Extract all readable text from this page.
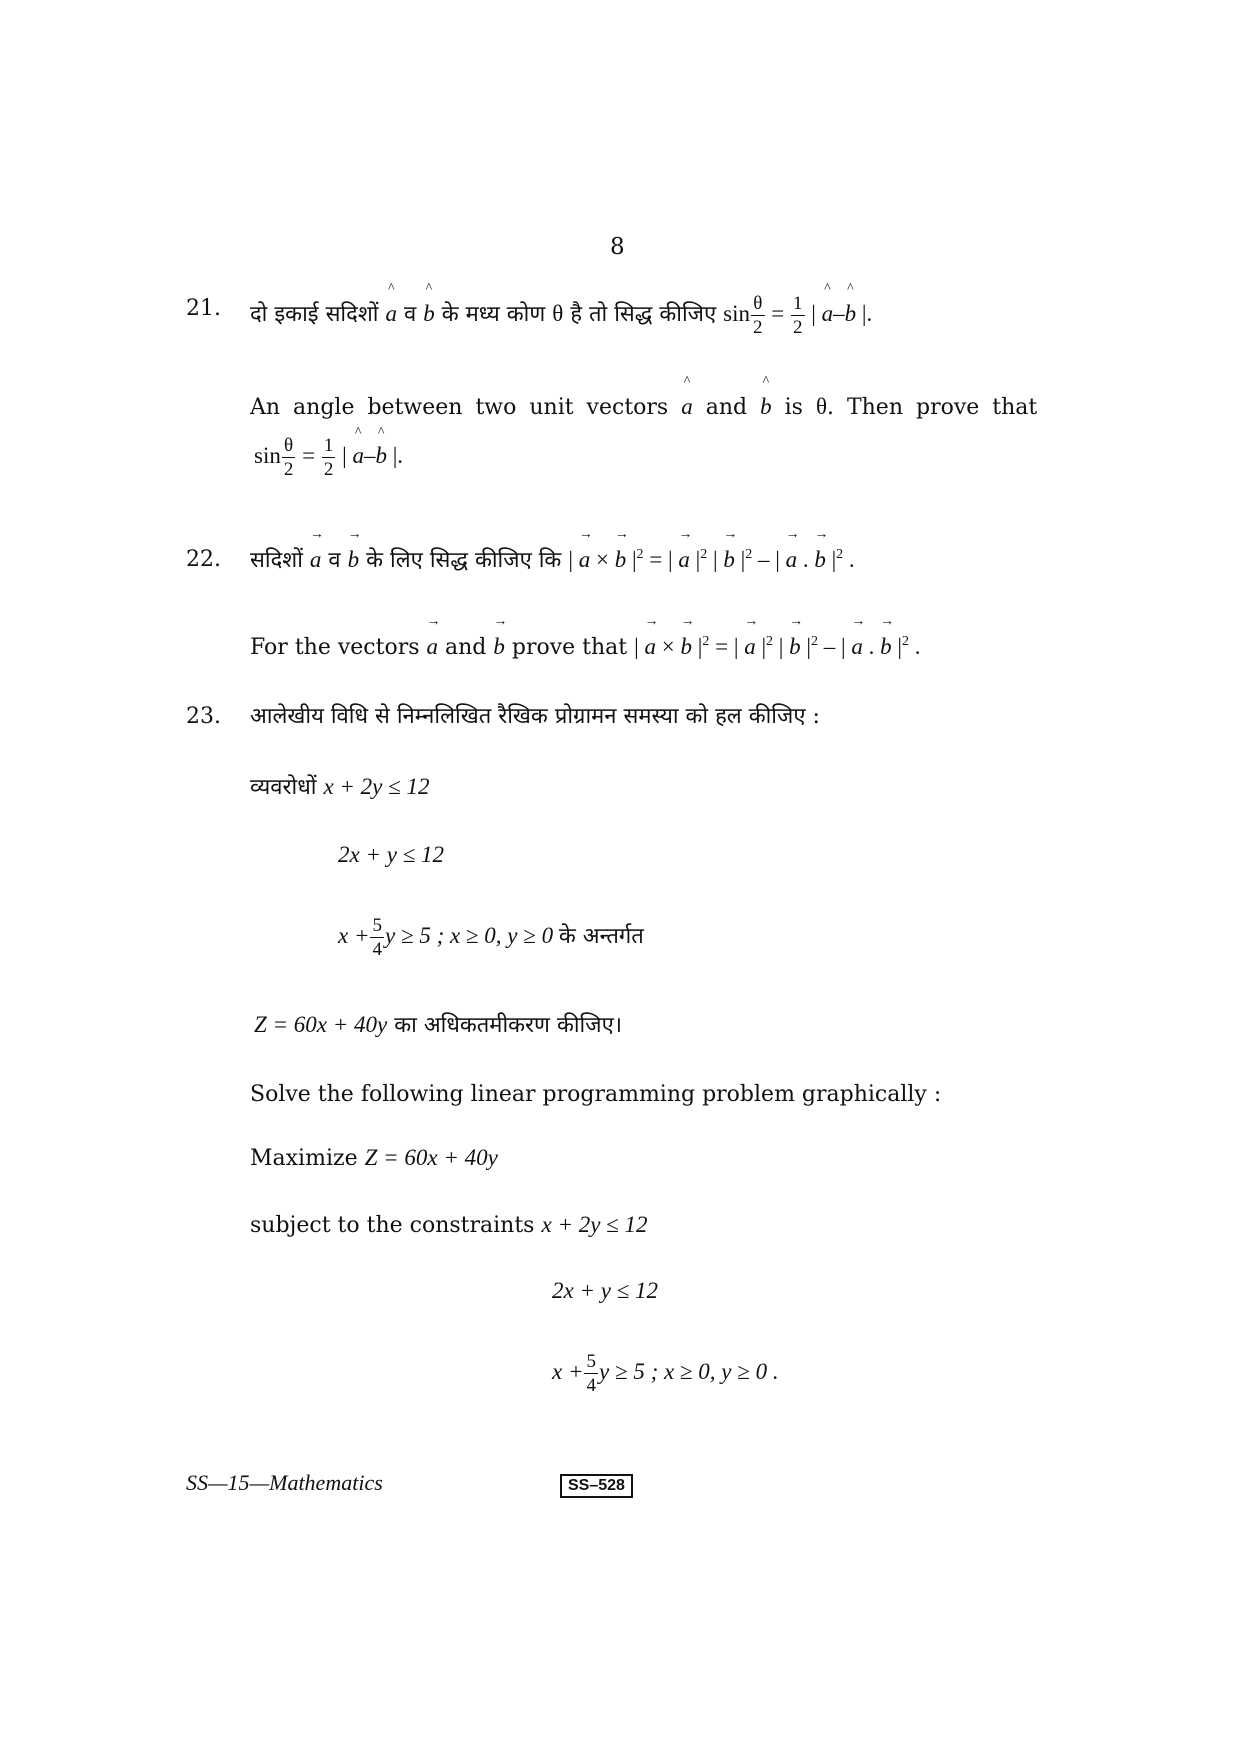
8
21. दो इकाई सदिशों
^
a व
^
b के मध्य कोण θ है तो सिद्ध कीजिए $\sin \frac{\theta}{2} = \frac{1}{2}$ |
^
a–
^
b |.
An angle between two unit vectors
^
a and
^
b is θ. Then prove that
$\sin \frac{\theta}{2} = \frac{1}{2}$ |
^
a–
^
b |.
22. सदिशों
→
a व
→
b के लिए सिद्ध कीजिए कि |
→
a ×
→
b $|^2$ = |
→
a $|^2$ |
→
b $|^2$ – |
→
a .
→
b $|^2$ .
For the vectors
→
a and
→
b prove that |
→
a ×
→
b $|^2$ = |
→
a $|^2$ |
→
b $|^2$ – |
→
a .
→
b $|^2$ .
23. आलेखीय विधि से निम्नलिखित रैखिक प्रोग्रामन समस्या को हल कीजिए :
व्यवरोधों x + 2y ≤ 12
2x + y ≤ 12
$x + \frac{5}{4}$ y ≥ 5 ; x ≥ 0, y ≥ 0 के अन्तर्गत
Z = 60x + 40y का अधिकतमीकरण कीजिए।
Solve the following linear programming problem graphically :
Maximize Z = 60x + 40y
subject to the constraints x + 2y ≤ 12
2x + y ≤ 12
$x + \frac{5}{4}$ y ≥ 5 ; x ≥ 0, y ≥ 0 .
SS—15—Mathematics	SS–528
